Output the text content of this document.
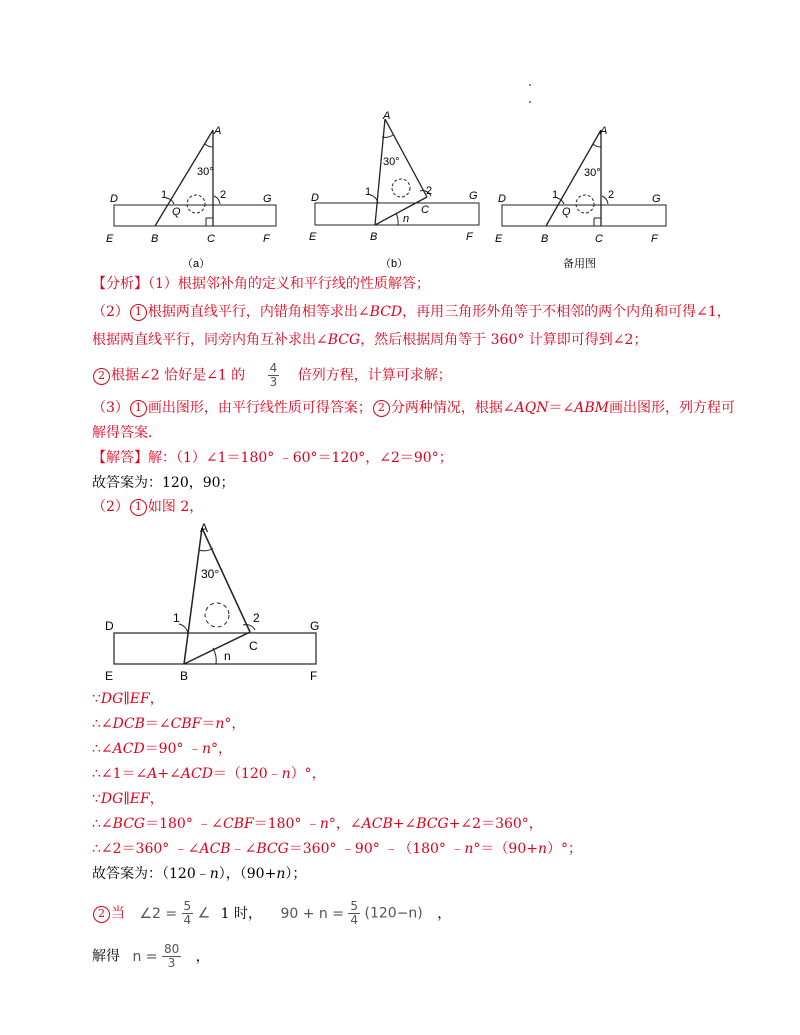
A
30°
D	1	2	G
Q
E	B	C	F
（a）
A
30°
D	1	2	G
C
n
E	B	F
（b）
A
30°
D	1	2	G
Q
E	B	C	F
备用图
【分析】（1）根据邻补角的定义和平行线的性质解答；
（2） 1 根据两直线平行，内错角相等求出∠BCD，再用三角形外角等于不相邻的两个内角和可得∠1，
根据两直线平行，同旁内角互补求出∠BCG，然后根据周角等于 360° 计算即可得到∠2；
2 根据∠2 恰好是∠1 的 $\frac{4}{3}$ 倍列方程，计算可求解；
（3） 1 画出图形，由平行线性质可得答案； 2 分两种情况，根据∠AQN＝∠ABM画出图形，列方程可
解得答案．
【解答】解：（1）∠1＝180° ﹣60°＝120°，∠2＝90°；
故答案为：120，90；
（2） 1 如图 2，
A
30°
D
1	2
G
C
n
E	B	F
∵DG∥EF，
∴∠DCB＝∠CBF＝n°，
∴∠ACD＝90° ﹣n°，
∴∠1＝∠A+∠ACD＝（120﹣n）°，
∵DG∥EF，
∴∠BCG＝180° ﹣∠CBF＝180° ﹣n°，∠ACB+∠BCG+∠2＝360°，
∴∠2＝360° ﹣∠ACB﹣∠BCG＝360° ﹣90° ﹣（180° ﹣n°＝（90+n）°；
故答案为：（120﹣n），（90+n）；
2 当 ∠2 = $\frac{5}{4}$ ∠ 1 时， $90 + n = \frac{5}{4} (120-n)$ ，
解得 $n = \frac{80}{3}$ ，
